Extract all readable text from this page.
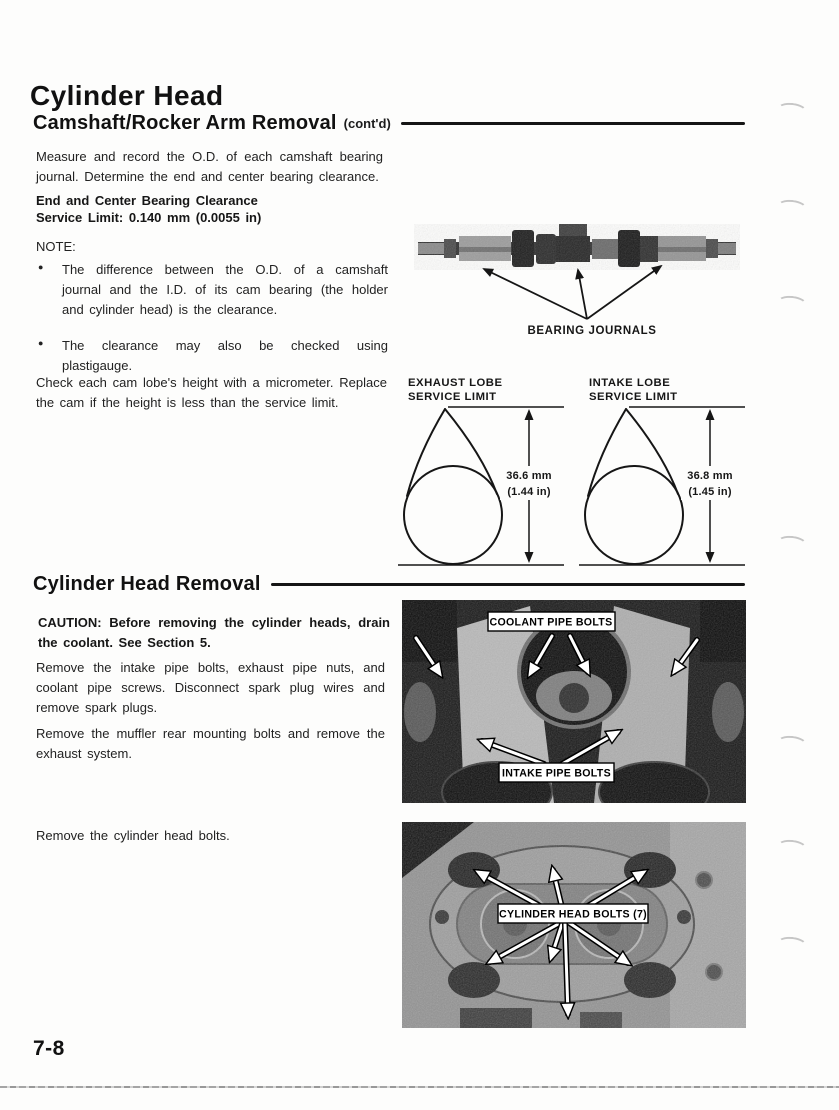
Cylinder Head
Camshaft/Rocker Arm Removal (cont'd)

Measure and record the O.D. of each camshaft bearing journal. Determine the end and center bearing clearance.

End and Center Bearing Clearance
Service Limit: 0.140 mm (0.0055 in)
NOTE:
● The difference between the O.D. of a camshaft journal and the I.D. of its cam bearing (the holder and cylinder head) is the clearance.
● The clearance may also be checked using plastigauge.
BEARING JOURNALS

Check each cam lobe's height with a micrometer. Replace the cam if the height is less than the service limit.

EXHAUST LOBE
SERVICE LIMIT
36.6 mm
(1.44 in)
INTAKE LOBE
SERVICE LIMIT
36.8 mm
(1.45 in)
Cylinder Head Removal

CAUTION: Before removing the cylinder heads, drain the coolant. See Section 5.

Remove the intake pipe bolts, exhaust pipe nuts, and coolant pipe screws. Disconnect spark plug wires and remove spark plugs.

Remove the muffler rear mounting bolts and remove the exhaust system.

COOLANT PIPE BOLTS
INTAKE PIPE BOLTS

Remove the cylinder head bolts.

CYLINDER HEAD BOLTS (7)
7-8
